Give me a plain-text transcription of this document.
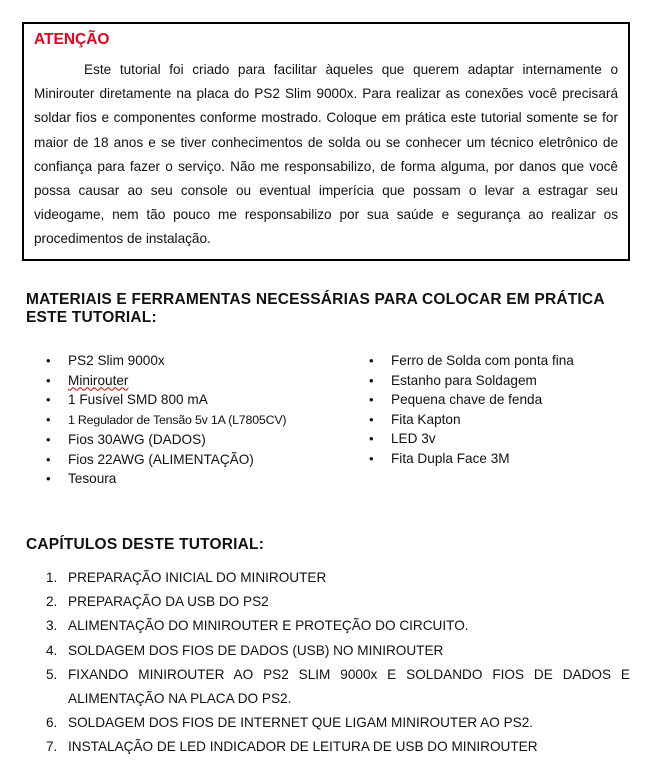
ATENÇÃO

Este tutorial foi criado para facilitar àqueles que querem adaptar internamente o Minirouter diretamente na placa do PS2 Slim 9000x. Para realizar as conexões você precisará soldar fios e componentes conforme mostrado. Coloque em prática este tutorial somente se for maior de 18 anos e se tiver conhecimentos de solda ou se conhecer um técnico eletrônico de confiança para fazer o serviço. Não me responsabilizo, de forma alguma, por danos que você possa causar ao seu console ou eventual imperícia que possam o levar a estragar seu videogame, nem tão pouco me responsabilizo por sua saúde e segurança ao realizar os procedimentos de instalação.

MATERIAIS E FERRAMENTAS NECESSÁRIAS PARA COLOCAR EM PRÁTICA ESTE TUTORIAL:

• PS2 Slim 9000x
• Minirouter
• 1 Fusível SMD 800 mA
• 1 Regulador de Tensão 5v 1A (L7805CV)
• Fios 30AWG (DADOS)
• Fios 22AWG (ALIMENTAÇÃO)
• Tesoura
• Ferro de Solda com ponta fina
• Estanho para Soldagem
• Pequena chave de fenda
• Fita Kapton
• LED 3v
• Fita Dupla Face 3M

CAPÍTULOS DESTE TUTORIAL:

1. PREPARAÇÃO INICIAL DO MINIROUTER
2. PREPARAÇÃO DA USB DO PS2
3. ALIMENTAÇÃO DO MINIROUTER E PROTEÇÃO DO CIRCUITO.
4. SOLDAGEM DOS FIOS DE DADOS (USB) NO MINIROUTER
5. FIXANDO MINIROUTER AO PS2 SLIM 9000x E SOLDANDO FIOS DE DADOS E ALIMENTAÇÃO NA PLACA DO PS2.
6. SOLDAGEM DOS FIOS DE INTERNET QUE LIGAM MINIROUTER AO PS2.
7. INSTALAÇÃO DE LED INDICADOR DE LEITURA DE USB DO MINIROUTER
